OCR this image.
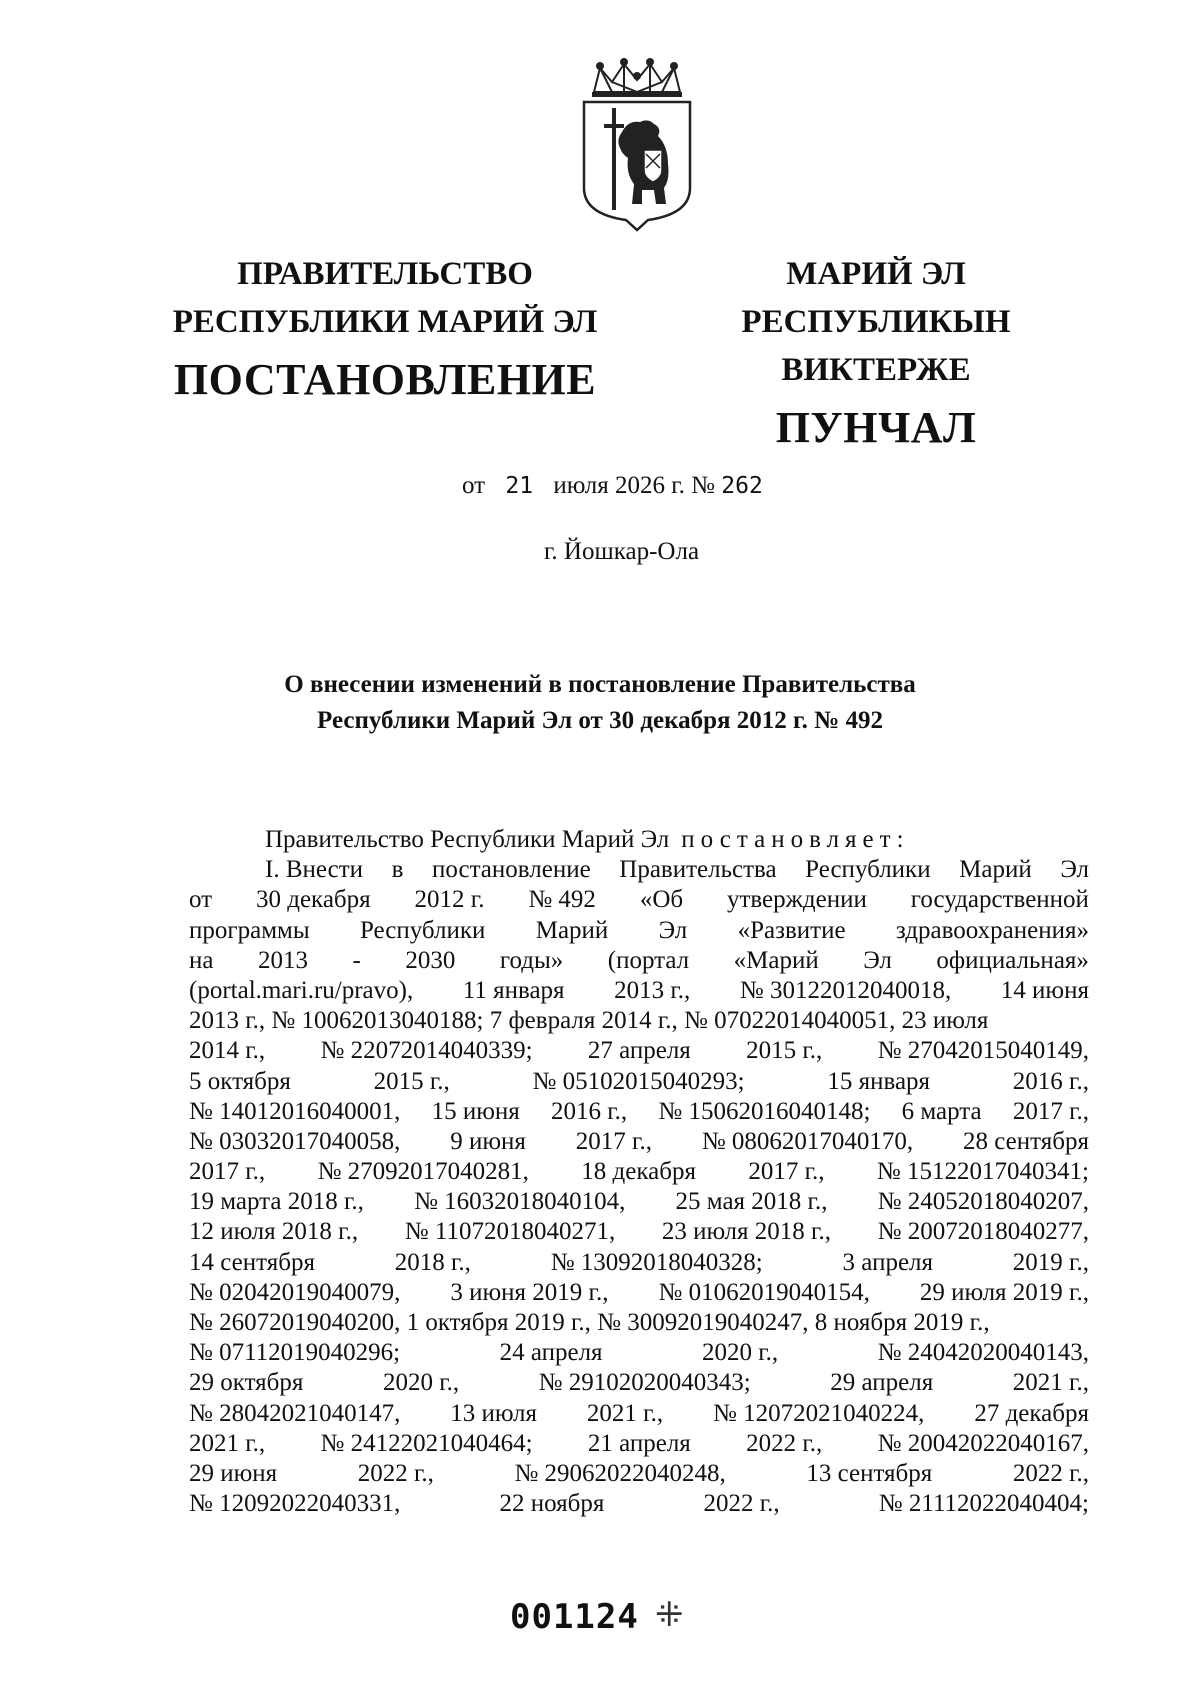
ПРАВИТЕЛЬСТВО
РЕСПУБЛИКИ МАРИЙ ЭЛ
ПОСТАНОВЛЕНИЕ
МАРИЙ ЭЛ РЕСПУБЛИКЫН
ВИКТЕРЖЕ
ПУНЧАЛ
от 21 июля 2026 г. № 262
г. Йошкар-Ола
О внесении изменений в постановление Правительства
Республики Марий Эл от 30 декабря 2012 г. № 492
Правительство Республики Марий Эл постановляет:
I. Внести в постановление Правительства Республики Марий Эл
от 30 декабря 2012 г. № 492 «Об утверждении государственной
программы Республики Марий Эл «Развитие здравоохранения»
на 2013 - 2030 годы» (портал «Марий Эл официальная»
(portal.mari.ru/pravo), 11 января 2013 г., № 30122012040018, 14 июня
2013 г., № 10062013040188; 7 февраля 2014 г., № 07022014040051, 23 июля
2014 г., № 22072014040339; 27 апреля 2015 г., № 27042015040149,
5 октября	2015 г.,	№ 05102015040293;	15 января	2016 г.,
№ 14012016040001, 15 июня 2016 г., № 15062016040148; 6 марта 2017 г.,
№ 03032017040058, 9 июня 2017 г., № 08062017040170, 28 сентября
2017 г., № 27092017040281, 18 декабря 2017 г., № 15122017040341;
19 марта 2018 г., № 16032018040104, 25 мая 2018 г., № 24052018040207,
12 июля 2018 г., № 11072018040271, 23 июля 2018 г., № 20072018040277,
14 сентября	2018 г.,	№ 13092018040328;	3 апреля	2019 г.,
№ 02042019040079, 3 июня 2019 г., № 01062019040154, 29 июля 2019 г.,
№ 26072019040200, 1 октября 2019 г., № 30092019040247, 8 ноября 2019 г.,
№ 07112019040296;	24 апреля	2020 г.,	№ 24042020040143,
29 октября	2020 г.,	№ 29102020040343;	29 апреля	2021 г.,
№ 28042021040147, 13 июля 2021 г., № 12072021040224, 27 декабря
2021 г., № 24122021040464; 21 апреля 2022 г., № 20042022040167,
29 июня	2022 г.,	№ 29062022040248,	13 сентября	2022 г.,
№ 12092022040331,	22 ноября	2022 г.,	№ 21112022040404;
001124 ⁜
